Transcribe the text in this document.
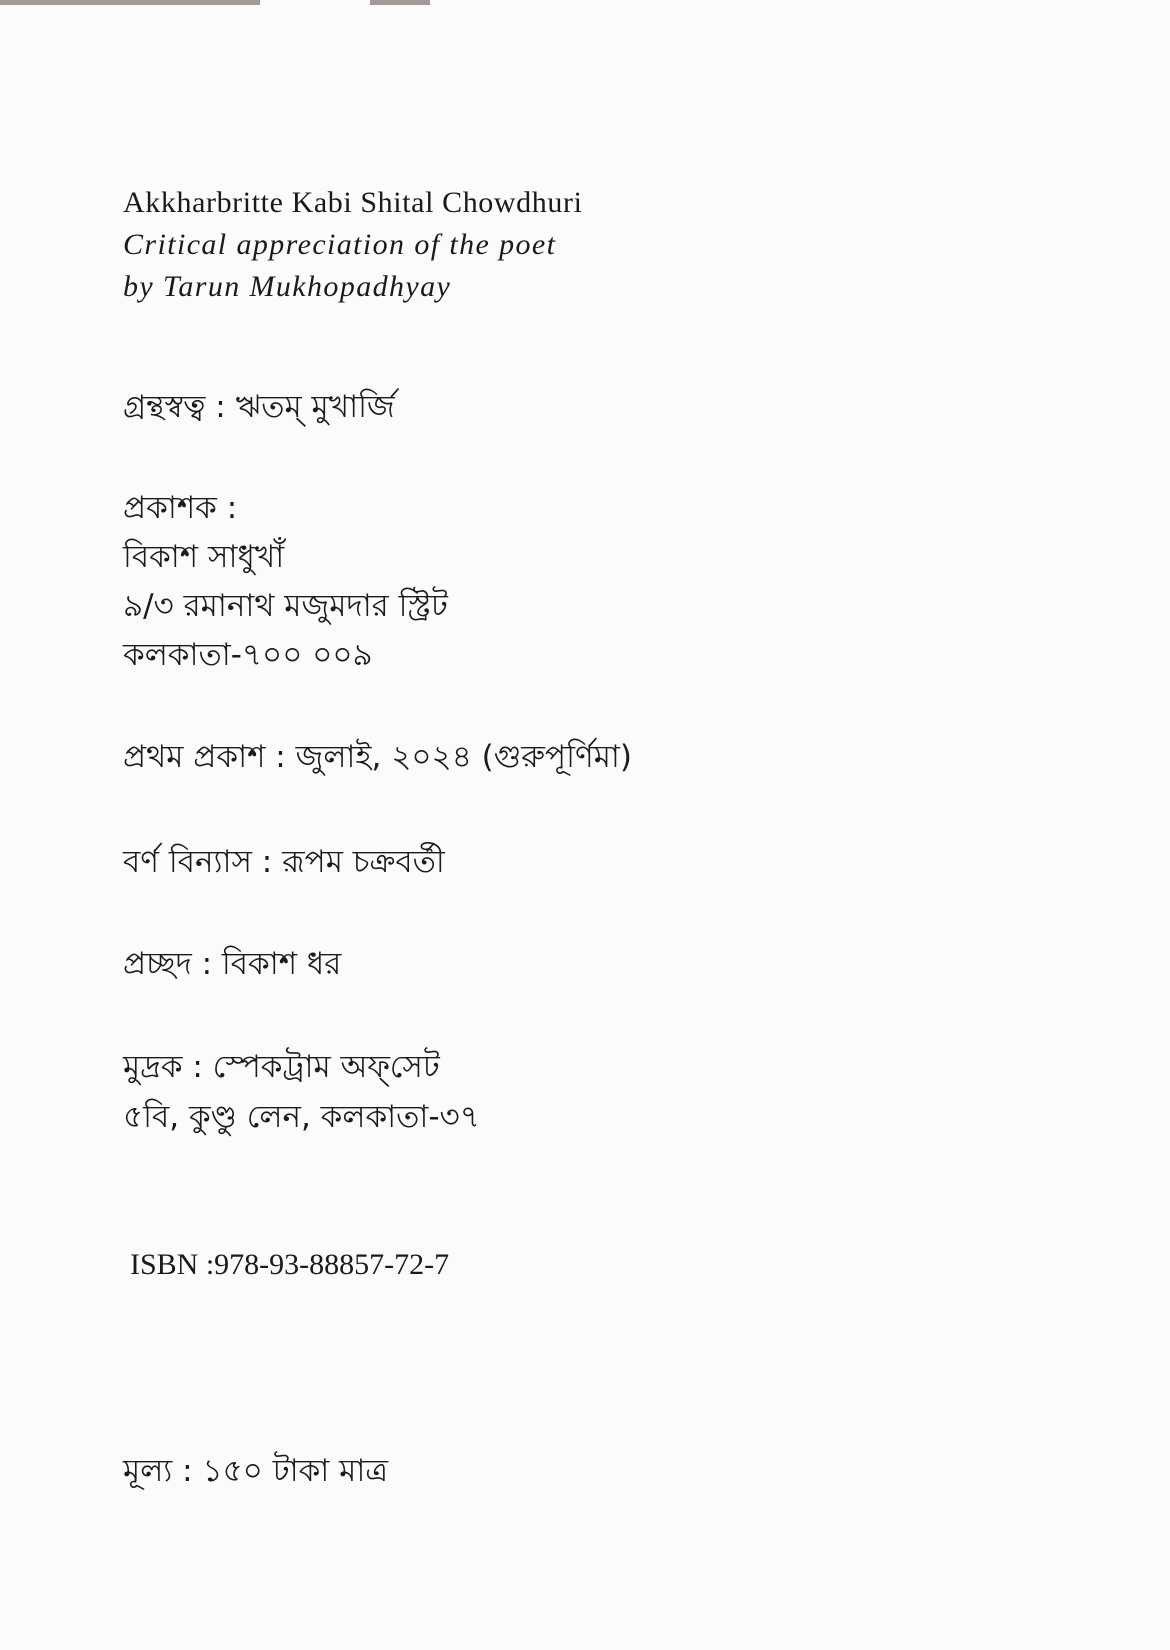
Akkharbritte Kabi Shital Chowdhuri
Critical appreciation of the poet
by Tarun Mukhopadhyay
গ্রন্থস্বত্ব : ঋতম্ মুখার্জি
প্রকাশক :
বিকাশ সাধুখাঁ
৯/৩ রমানাথ মজুমদার স্ট্রিট
কলকাতা-৭০০ ০০৯
প্রথম প্রকাশ : জুলাই, ২০২৪ (গুরুপূর্ণিমা)
বর্ণ বিন্যাস : রূপম চক্রবর্তী
প্রচ্ছদ : বিকাশ ধর
মুদ্রক : স্পেকট্রাম অফ্‌সেট
৫বি, কুণ্ডু লেন, কলকাতা-৩৭
ISBN :978-93-88857-72-7
মূল্য : ১৫০ টাকা মাত্র
